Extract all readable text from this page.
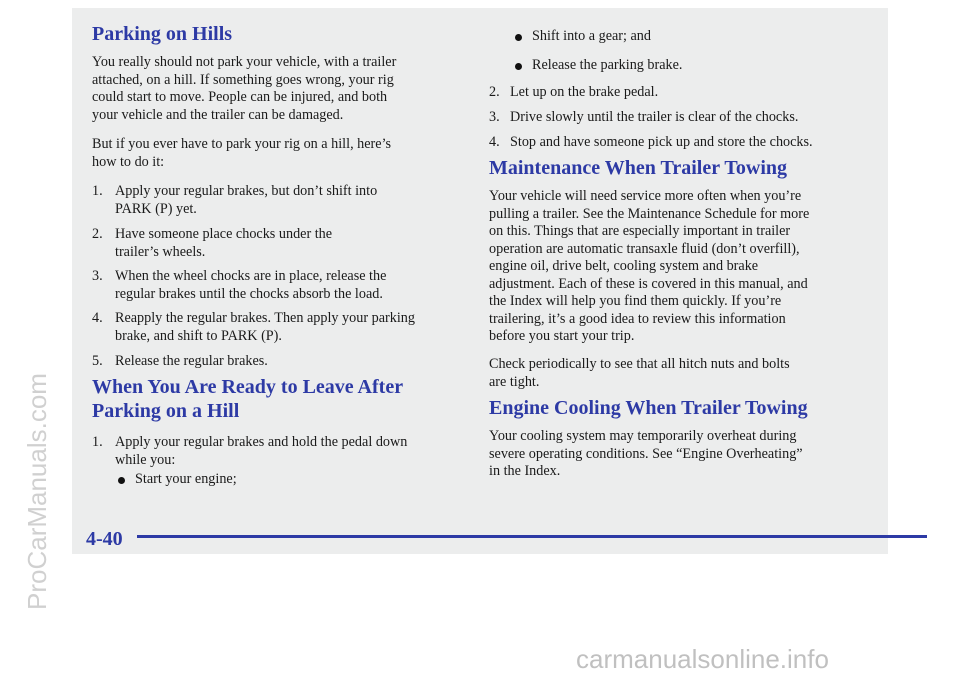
Parking on Hills
You really should not park your vehicle, with a trailer
attached, on a hill. If something goes wrong, your rig
could start to move. People can be injured, and both
your vehicle and the trailer can be damaged.
But if you ever have to park your rig on a hill, here’s
how to do it:
1. Apply your regular brakes, but don’t shift into
PARK (P) yet.
2. Have someone place chocks under the
trailer’s wheels.
3. When the wheel chocks are in place, release the
regular brakes until the chocks absorb the load.
4. Reapply the regular brakes. Then apply your parking
brake, and shift to PARK (P).
5. Release the regular brakes.
When You Are Ready to Leave After
Parking on a Hill
1. Apply your regular brakes and hold the pedal down
while you:
Start your engine;
Shift into a gear; and
Release the parking brake.
2. Let up on the brake pedal.
3. Drive slowly until the trailer is clear of the chocks.
4. Stop and have someone pick up and store the chocks.
Maintenance When Trailer Towing
Your vehicle will need service more often when you’re
pulling a trailer. See the Maintenance Schedule for more
on this. Things that are especially important in trailer
operation are automatic transaxle fluid (don’t overfill),
engine oil, drive belt, cooling system and brake
adjustment. Each of these is covered in this manual, and
the Index will help you find them quickly. If you’re
trailering, it’s a good idea to review this information
before you start your trip.
Check periodically to see that all hitch nuts and bolts
are tight.
Engine Cooling When Trailer Towing
Your cooling system may temporarily overheat during
severe operating conditions. See “Engine Overheating”
in the Index.
4-40
ProCarManuals.com
carmanualsonline.info
